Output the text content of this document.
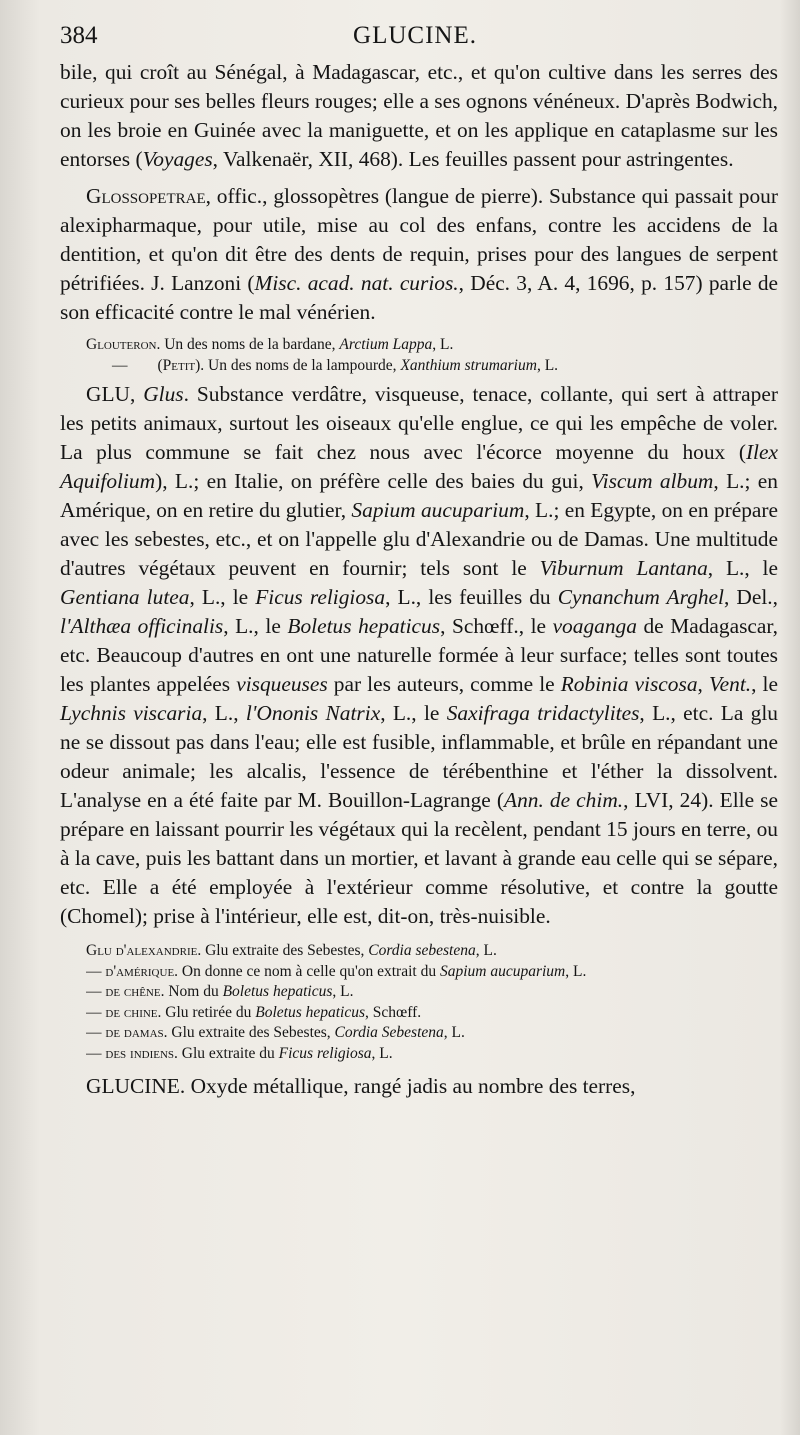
384	GLUCINE.

bile, qui croît au Sénégal, à Madagascar, etc., et qu'on cultive dans les serres des curieux pour ses belles fleurs rouges; elle a ses ognons vénéneux. D'après Bodwich, on les broie en Guinée avec la maniguette, et on les applique en cataplasme sur les entorses (Voyages, Valkenaër, XII, 468). Les feuilles passent pour astringentes.

Glossopetrae, offic., glossopètres (langue de pierre). Substance qui passait pour alexipharmaque, pour utile, mise au col des enfans, contre les accidens de la dentition, et qu'on dit être des dents de requin, prises pour des langues de serpent pétrifiées. J. Lanzoni (Misc. acad. nat. curios., Déc. 3, A. 4, 1696, p. 157) parle de son efficacité contre le mal vénérien.

Glouteron. Un des noms de la bardane, Arctium Lappa, L.
— (Petit). Un des noms de la lampourde, Xanthium strumarium, L.

GLU, Glus. Substance verdâtre, visqueuse, tenace, collante, qui sert à attraper les petits animaux, surtout les oiseaux qu'elle englue, ce qui les empêche de voler. La plus commune se fait chez nous avec l'écorce moyenne du houx (Ilex Aquifolium), L.; en Italie, on préfère celle des baies du gui, Viscum album, L.; en Amérique, on en retire du glutier, Sapium aucuparium, L.; en Egypte, on en prépare avec les sebestes, etc., et on l'appelle glu d'Alexandrie ou de Damas. Une multitude d'autres végétaux peuvent en fournir; tels sont le Viburnum Lantana, L., le Gentiana lutea, L., le Ficus religiosa, L., les feuilles du Cynanchum Arghel, Del., l'Althæa officinalis, L., le Boletus hepaticus, Schœff., le voaganga de Madagascar, etc. Beaucoup d'autres en ont une naturelle formée à leur surface; telles sont toutes les plantes appelées visqueuses par les auteurs, comme le Robinia viscosa, Vent., le Lychnis viscaria, L., l'Ononis Natrix, L., le Saxifraga tridactylites, L., etc. La glu ne se dissout pas dans l'eau; elle est fusible, inflammable, et brûle en répandant une odeur animale; les alcalis, l'essence de térébenthine et l'éther la dissolvent. L'analyse en a été faite par M. Bouillon-Lagrange (Ann. de chim., LVI, 24). Elle se prépare en laissant pourrir les végétaux qui la recèlent, pendant 15 jours en terre, ou à la cave, puis les battant dans un mortier, et lavant à grande eau celle qui se sépare, etc. Elle a été employée à l'extérieur comme résolutive, et contre la goutte (Chomel); prise à l'intérieur, elle est, dit-on, très-nuisible.

Glu d'alexandrie. Glu extraite des Sebestes, Cordia sebestena, L.
— d'amérique. On donne ce nom à celle qu'on extrait du Sapium aucuparium, L.
— de chêne. Nom du Boletus hepaticus, L.
— de chine. Glu retirée du Boletus hepaticus, Schœff.
— de damas. Glu extraite des Sebestes, Cordia Sebestena, L.
— des indiens. Glu extraite du Ficus religiosa, L.

GLUCINE. Oxyde métallique, rangé jadis au nombre des terres,
